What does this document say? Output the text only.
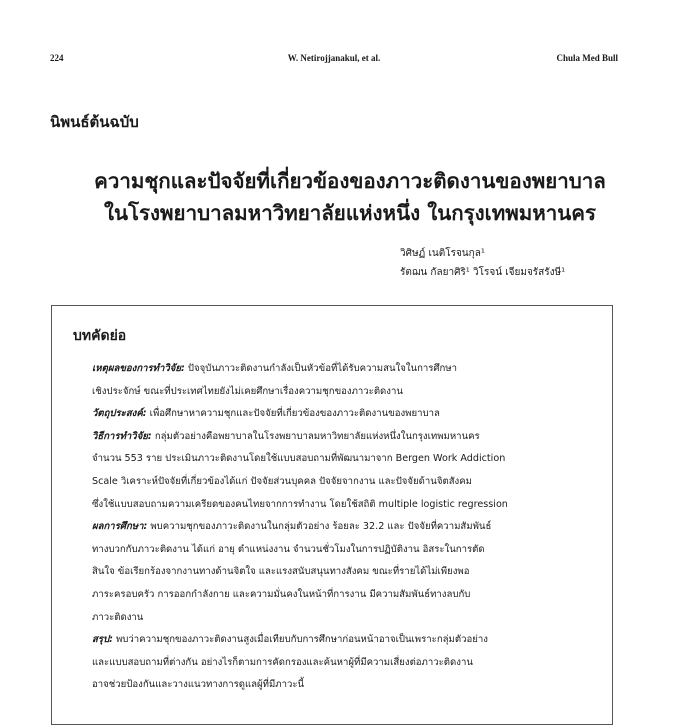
224	W. Netirojjanakul, et al.	Chula Med Bull
นิพนธ์ต้นฉบับ
ความชุกและปัจจัยที่เกี่ยวข้องของภาวะติดงานของพยาบาล
ในโรงพยาบาลมหาวิทยาลัยแห่งหนึ่ง ในกรุงเทพมหานคร
วิศิษฏ์ เนติโรจนกุล¹
รัตฌน กัลยาศิริ¹ วิโรจน์ เจียมจรัสรังษี¹
บทคัดย่อ
เหตุผลของการทำวิจัย: ปัจจุบันภาวะติดงานกำลังเป็นหัวข้อที่ได้รับความสนใจในการศึกษา
เชิงประจักษ์ ขณะที่ประเทศไทยยังไม่เคยศึกษาเรื่องความชุกของภาวะติดงาน
วัตถุประสงค์: เพื่อศึกษาหาความชุกและปัจจัยที่เกี่ยวข้องของภาวะติดงานของพยาบาล
วิธีการทำวิจัย: กลุ่มตัวอย่างคือพยาบาลในโรงพยาบาลมหาวิทยาลัยแห่งหนึ่งในกรุงเทพมหานคร
จำนวน 553 ราย ประเมินภาวะติดงานโดยใช้แบบสอบถามที่พัฒนามาจาก Bergen Work Addiction
Scale วิเคราะห์ปัจจัยที่เกี่ยวข้องได้แก่ ปัจจัยส่วนบุคคล ปัจจัยจากงาน และปัจจัยด้านจิตสังคม
ซึ่งใช้แบบสอบถามความเครียดของคนไทยจากการทำงาน โดยใช้สถิติ multiple logistic regression
ผลการศึกษา: พบความชุกของภาวะติดงานในกลุ่มตัวอย่าง ร้อยละ 32.2 และ ปัจจัยที่ความสัมพันธ์
ทางบวกกับภาวะติดงาน ได้แก่ อายุ ตำแหน่งงาน จำนวนชั่วโมงในการปฏิบัติงาน อิสระในการตัด
สินใจ ข้อเรียกร้องจากงานทางด้านจิตใจ และแรงสนับสนุนทางสังคม ขณะที่รายได้ไม่เพียงพอ
ภาระครอบครัว การออกกำลังกาย และความมั่นคงในหน้าที่การงาน มีความสัมพันธ์ทางลบกับ
ภาวะติดงาน
สรุป: พบว่าความชุกของภาวะติดงานสูงเมื่อเทียบกับการศึกษาก่อนหน้าอาจเป็นเพราะกลุ่มตัวอย่าง
และแบบสอบถามที่ต่างกัน อย่างไรก็ตามการคัดกรองและค้นหาผู้ที่มีความเสี่ยงต่อภาวะติดงาน
อาจช่วยป้องกันและวางแนวทางการดูแลผู้ที่มีภาวะนี้
